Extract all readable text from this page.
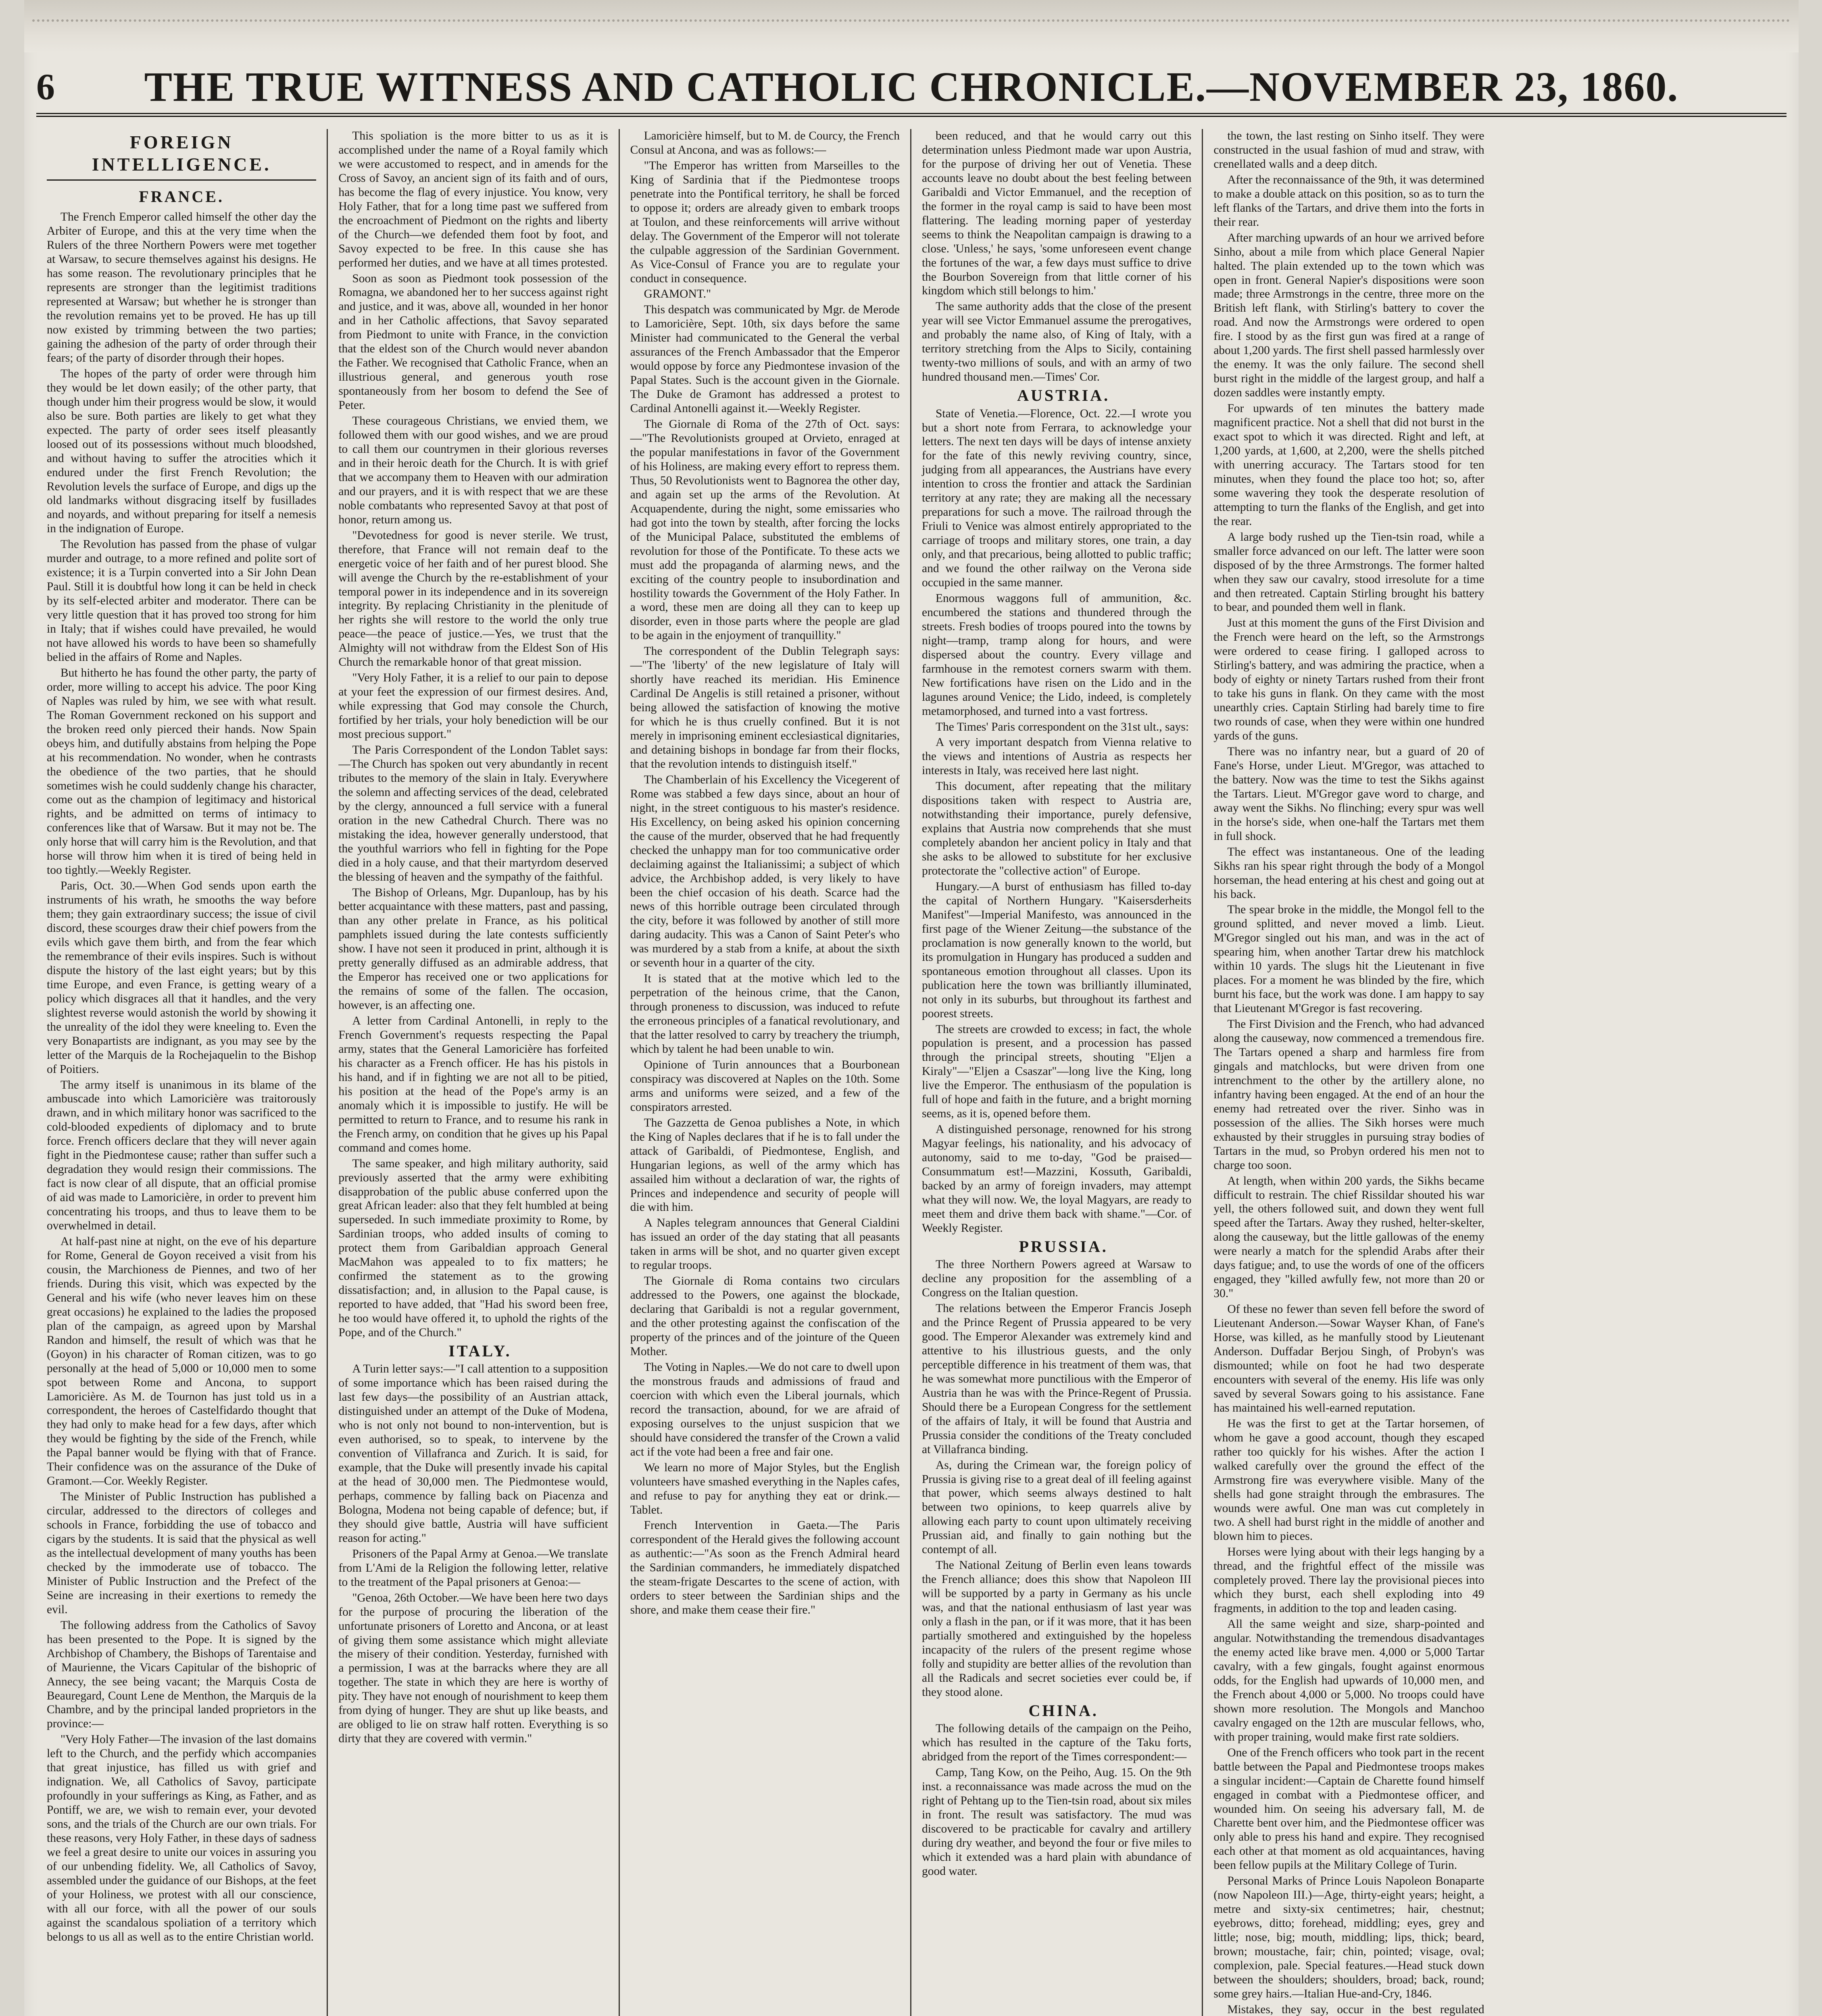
6	THE TRUE WITNESS AND CATHOLIC CHRONICLE.—NOVEMBER 23, 1860.
FOREIGN INTELLIGENCE.
FRANCE.

The French Emperor called himself the other day the Arbiter of Europe, and this at the very time when the Rulers of the three Northern Powers were met together at Warsaw, to secure themselves against his designs. He has some reason. The revolutionary principles that he represents are stronger than the legitimist traditions represented at Warsaw; but whether he is stronger than the revolution remains yet to be proved. He has up till now existed by trimming between the two parties; gaining the adhesion of the party of order through their fears; of the party of disorder through their hopes.

The hopes of the party of order were through him they would be let down easily; of the other party, that though under him their progress would be slow, it would also be sure. Both parties are likely to get what they expected. The party of order sees itself pleasantly loosed out of its possessions without much bloodshed, and without having to suffer the atrocities which it endured under the first French Revolution; the Revolution levels the surface of Europe, and digs up the old landmarks without disgracing itself by fusillades and noyards, and without preparing for itself a nemesis in the indignation of Europe.

The Revolution has passed from the phase of vulgar murder and outrage, to a more refined and polite sort of existence; it is a Turpin converted into a Sir John Dean Paul. Still it is doubtful how long it can be held in check by its self-elected arbiter and moderator. There can be very little question that it has proved too strong for him in Italy; that if wishes could have prevailed, he would not have allowed his words to have been so shamefully belied in the affairs of Rome and Naples.

But hitherto he has found the other party, the party of order, more willing to accept his advice. The poor King of Naples was ruled by him, we see with what result. The Roman Government reckoned on his support and the broken reed only pierced their hands. Now Spain obeys him, and dutifully abstains from helping the Pope at his recommendation. No wonder, when he contrasts the obedience of the two parties, that he should sometimes wish he could suddenly change his character, come out as the champion of legitimacy and historical rights, and be admitted on terms of intimacy to conferences like that of Warsaw. But it may not be. The only horse that will carry him is the Revolution, and that horse will throw him when it is tired of being held in too tightly.—Weekly Register.

Paris, Oct. 30.—When God sends upon earth the instruments of his wrath, he smooths the way before them; they gain extraordinary success; the issue of civil discord, these scourges draw their chief powers from the evils which gave them birth, and from the fear which the remembrance of their evils inspires. Such is without dispute the history of the last eight years; but by this time Europe, and even France, is getting weary of a policy which disgraces all that it handles, and the very slightest reverse would astonish the world by showing it the unreality of the idol they were kneeling to. Even the very Bonapartists are indignant, as you may see by the letter of the Marquis de la Rochejaquelin to the Bishop of Poitiers.

The army itself is unanimous in its blame of the ambuscade into which Lamoricière was traitorously drawn, and in which military honor was sacrificed to the cold-blooded expedients of diplomacy and to brute force. French officers declare that they will never again fight in the Piedmontese cause; rather than suffer such a degradation they would resign their commissions. The fact is now clear of all dispute, that an official promise of aid was made to Lamoricière, in order to prevent him concentrating his troops, and thus to leave them to be overwhelmed in detail.

At half-past nine at night, on the eve of his departure for Rome, General de Goyon received a visit from his cousin, the Marchioness de Piennes, and two of her friends. During this visit, which was expected by the General and his wife (who never leaves him on these great occasions) he explained to the ladies the proposed plan of the campaign, as agreed upon by Marshal Randon and himself, the result of which was that he (Goyon) in his character of Roman citizen, was to go personally at the head of 5,000 or 10,000 men to some spot between Rome and Ancona, to support Lamoricière. As M. de Tournon has just told us in a correspondent, the heroes of Castelfidardo thought that they had only to make head for a few days, after which they would be fighting by the side of the French, while the Papal banner would be flying with that of France. Their confidence was on the assurance of the Duke of Gramont.—Cor. Weekly Register.

The Minister of Public Instruction has published a circular, addressed to the directors of colleges and schools in France, forbidding the use of tobacco and cigars by the students. It is said that the physical as well as the intellectual development of many youths has been checked by the immoderate use of tobacco. The Minister of Public Instruction and the Prefect of the Seine are increasing in their exertions to remedy the evil.

The following address from the Catholics of Savoy has been presented to the Pope. It is signed by the Archbishop of Chambery, the Bishops of Tarentaise and of Maurienne, the Vicars Capitular of the bishopric of Annecy, the see being vacant; the Marquis Costa de Beauregard, Count Lene de Menthon, the Marquis de la Chambre, and by the principal landed proprietors in the province:—

"Very Holy Father—The invasion of the last domains left to the Church, and the perfidy which accompanies that great injustice, has filled us with grief and indignation. We, all Catholics of Savoy, participate profoundly in your sufferings as King, as Father, and as Pontiff, we are, we wish to remain ever, your devoted sons, and the trials of the Church are our own trials. For these reasons, very Holy Father, in these days of sadness we feel a great desire to unite our voices in assuring you of our unbending fidelity. We, all Catholics of Savoy, assembled under the guidance of our Bishops, at the feet of your Holiness, we protest with all our conscience, with all our force, with all the power of our souls against the scandalous spoliation of a territory which belongs to us all as well as to the entire Christian world.

This spoliation is the more bitter to us as it is accomplished under the name of a Royal family which we were accustomed to respect, and in amends for the Cross of Savoy, an ancient sign of its faith and of ours, has become the flag of every injustice. You know, very Holy Father, that for a long time past we suffered from the encroachment of Piedmont on the rights and liberty of the Church—we defended them foot by foot, and Savoy expected to be free. In this cause she has performed her duties, and we have at all times protested.

Soon as soon as Piedmont took possession of the Romagna, we abandoned her to her success against right and justice, and it was, above all, wounded in her honor and in her Catholic affections, that Savoy separated from Piedmont to unite with France, in the conviction that the eldest son of the Church would never abandon the Father. We recognised that Catholic France, when an illustrious general, and generous youth rose spontaneously from her bosom to defend the See of Peter.

These courageous Christians, we envied them, we followed them with our good wishes, and we are proud to call them our countrymen in their glorious reverses and in their heroic death for the Church. It is with grief that we accompany them to Heaven with our admiration and our prayers, and it is with respect that we are these noble combatants who represented Savoy at that post of honor, return among us.

"Devotedness for good is never sterile. We trust, therefore, that France will not remain deaf to the energetic voice of her faith and of her purest blood. She will avenge the Church by the re-establishment of your temporal power in its independence and in its sovereign integrity. By replacing Christianity in the plenitude of her rights she will restore to the world the only true peace—the peace of justice.—Yes, we trust that the Almighty will not withdraw from the Eldest Son of His Church the remarkable honor of that great mission.

"Very Holy Father, it is a relief to our pain to depose at your feet the expression of our firmest desires. And, while expressing that God may console the Church, fortified by her trials, your holy benediction will be our most precious support."

The Paris Correspondent of the London Tablet says:—The Church has spoken out very abundantly in recent tributes to the memory of the slain in Italy. Everywhere the solemn and affecting services of the dead, celebrated by the clergy, announced a full service with a funeral oration in the new Cathedral Church. There was no mistaking the idea, however generally understood, that the youthful warriors who fell in fighting for the Pope died in a holy cause, and that their martyrdom deserved the blessing of heaven and the sympathy of the faithful.

The Bishop of Orleans, Mgr. Dupanloup, has by his better acquaintance with these matters, past and passing, than any other prelate in France, as his political pamphlets issued during the late contests sufficiently show. I have not seen it produced in print, although it is pretty generally diffused as an admirable address, that the Emperor has received one or two applications for the remains of some of the fallen. The occasion, however, is an affecting one.

A letter from Cardinal Antonelli, in reply to the French Government's requests respecting the Papal army, states that the General Lamoricière has forfeited his character as a French officer. He has his pistols in his hand, and if in fighting we are not all to be pitied, his position at the head of the Pope's army is an anomaly which it is impossible to justify. He will be permitted to return to France, and to resume his rank in the French army, on condition that he gives up his Papal command and comes home.

The same speaker, and high military authority, said previously asserted that the army were exhibiting disapprobation of the public abuse conferred upon the great African leader: also that they felt humbled at being superseded. In such immediate proximity to Rome, by Sardinian troops, who added insults of coming to protect them from Garibaldian approach General MacMahon was appealed to to fix matters; he confirmed the statement as to the growing dissatisfaction; and, in allusion to the Papal cause, is reported to have added, that "Had his sword been free, he too would have offered it, to uphold the rights of the Pope, and of the Church."

ITALY.

A Turin letter says:—"I call attention to a supposition of some importance which has been raised during the last few days—the possibility of an Austrian attack, distinguished under an attempt of the Duke of Modena, who is not only not bound to non-intervention, but is even authorised, so to speak, to intervene by the convention of Villafranca and Zurich. It is said, for example, that the Duke will presently invade his capital at the head of 30,000 men. The Piedmontese would, perhaps, commence by falling back on Piacenza and Bologna, Modena not being capable of defence; but, if they should give battle, Austria will have sufficient reason for acting."

Prisoners of the Papal Army at Genoa.—We translate from L'Ami de la Religion the following letter, relative to the treatment of the Papal prisoners at Genoa:—

"Genoa, 26th October.—We have been here two days for the purpose of procuring the liberation of the unfortunate prisoners of Loretto and Ancona, or at least of giving them some assistance which might alleviate the misery of their condition. Yesterday, furnished with a permission, I was at the barracks where they are all together. The state in which they are here is worthy of pity. They have not enough of nourishment to keep them from dying of hunger. They are shut up like beasts, and are obliged to lie on straw half rotten. Everything is so dirty that they are covered with vermin."

Lamoricière himself, but to M. de Courcy, the French Consul at Ancona, and was as follows:—

"The Emperor has written from Marseilles to the King of Sardinia that if the Piedmontese troops penetrate into the Pontifical territory, he shall be forced to oppose it; orders are already given to embark troops at Toulon, and these reinforcements will arrive without delay. The Government of the Emperor will not tolerate the culpable aggression of the Sardinian Government. As Vice-Consul of France you are to regulate your conduct in consequence.

GRAMONT."

This despatch was communicated by Mgr. de Merode to Lamoricière, Sept. 10th, six days before the same Minister had communicated to the General the verbal assurances of the French Ambassador that the Emperor would oppose by force any Piedmontese invasion of the Papal States. Such is the account given in the Giornale. The Duke de Gramont has addressed a protest to Cardinal Antonelli against it.—Weekly Register.

The Giornale di Roma of the 27th of Oct. says:—"The Revolutionists grouped at Orvieto, enraged at the popular manifestations in favor of the Government of his Holiness, are making every effort to repress them. Thus, 50 Revolutionists went to Bagnorea the other day, and again set up the arms of the Revolution. At Acquapendente, during the night, some emissaries who had got into the town by stealth, after forcing the locks of the Municipal Palace, substituted the emblems of revolution for those of the Pontificate. To these acts we must add the propaganda of alarming news, and the exciting of the country people to insubordination and hostility towards the Government of the Holy Father. In a word, these men are doing all they can to keep up disorder, even in those parts where the people are glad to be again in the enjoyment of tranquillity."

The correspondent of the Dublin Telegraph says:—"The 'liberty' of the new legislature of Italy will shortly have reached its meridian. His Eminence Cardinal De Angelis is still retained a prisoner, without being allowed the satisfaction of knowing the motive for which he is thus cruelly confined. But it is not merely in imprisoning eminent ecclesiastical dignitaries, and detaining bishops in bondage far from their flocks, that the revolution intends to distinguish itself."

The Chamberlain of his Excellency the Vicegerent of Rome was stabbed a few days since, about an hour of night, in the street contiguous to his master's residence. His Excellency, on being asked his opinion concerning the cause of the murder, observed that he had frequently checked the unhappy man for too communicative order declaiming against the Italianissimi; a subject of which advice, the Archbishop added, is very likely to have been the chief occasion of his death. Scarce had the news of this horrible outrage been circulated through the city, before it was followed by another of still more daring audacity. This was a Canon of Saint Peter's who was murdered by a stab from a knife, at about the sixth or seventh hour in a quarter of the city.

It is stated that at the motive which led to the perpetration of the heinous crime, that the Canon, through proneness to discussion, was induced to refute the erroneous principles of a fanatical revolutionary, and that the latter resolved to carry by treachery the triumph, which by talent he had been unable to win.

Opinione of Turin announces that a Bourbonean conspiracy was discovered at Naples on the 10th. Some arms and uniforms were seized, and a few of the conspirators arrested.

The Gazzetta de Genoa publishes a Note, in which the King of Naples declares that if he is to fall under the attack of Garibaldi, of Piedmontese, English, and Hungarian legions, as well of the army which has assailed him without a declaration of war, the rights of Princes and independence and security of people will die with him.

A Naples telegram announces that General Cialdini has issued an order of the day stating that all peasants taken in arms will be shot, and no quarter given except to regular troops.

The Giornale di Roma contains two circulars addressed to the Powers, one against the blockade, declaring that Garibaldi is not a regular government, and the other protesting against the confiscation of the property of the princes and of the jointure of the Queen Mother.

The Voting in Naples.—We do not care to dwell upon the monstrous frauds and admissions of fraud and coercion with which even the Liberal journals, which record the transaction, abound, for we are afraid of exposing ourselves to the unjust suspicion that we should have considered the transfer of the Crown a valid act if the vote had been a free and fair one.

We learn no more of Major Styles, but the English volunteers have smashed everything in the Naples cafes, and refuse to pay for anything they eat or drink.—Tablet.

French Intervention in Gaeta.—The Paris correspondent of the Herald gives the following account as authentic:—"As soon as the French Admiral heard the Sardinian commanders, he immediately dispatched the steam-frigate Descartes to the scene of action, with orders to steer between the Sardinian ships and the shore, and make them cease their fire."

been reduced, and that he would carry out this determination unless Piedmont made war upon Austria, for the purpose of driving her out of Venetia. These accounts leave no doubt about the best feeling between Garibaldi and Victor Emmanuel, and the reception of the former in the royal camp is said to have been most flattering. The leading morning paper of yesterday seems to think the Neapolitan campaign is drawing to a close. 'Unless,' he says, 'some unforeseen event change the fortunes of the war, a few days must suffice to drive the Bourbon Sovereign from that little corner of his kingdom which still belongs to him.'

The same authority adds that the close of the present year will see Victor Emmanuel assume the prerogatives, and probably the name also, of King of Italy, with a territory stretching from the Alps to Sicily, containing twenty-two millions of souls, and with an army of two hundred thousand men.—Times' Cor.

AUSTRIA.

State of Venetia.—Florence, Oct. 22.—I wrote you but a short note from Ferrara, to acknowledge your letters. The next ten days will be days of intense anxiety for the fate of this newly reviving country, since, judging from all appearances, the Austrians have every intention to cross the frontier and attack the Sardinian territory at any rate; they are making all the necessary preparations for such a move. The railroad through the Friuli to Venice was almost entirely appropriated to the carriage of troops and military stores, one train, a day only, and that precarious, being allotted to public traffic; and we found the other railway on the Verona side occupied in the same manner.

Enormous waggons full of ammunition, &c. encumbered the stations and thundered through the streets. Fresh bodies of troops poured into the towns by night—tramp, tramp along for hours, and were dispersed about the country. Every village and farmhouse in the remotest corners swarm with them. New fortifications have risen on the Lido and in the lagunes around Venice; the Lido, indeed, is completely metamorphosed, and turned into a vast fortress.

The Times' Paris correspondent on the 31st ult., says:

A very important despatch from Vienna relative to the views and intentions of Austria as respects her interests in Italy, was received here last night.

This document, after repeating that the military dispositions taken with respect to Austria are, notwithstanding their importance, purely defensive, explains that Austria now comprehends that she must completely abandon her ancient policy in Italy and that she asks to be allowed to substitute for her exclusive protectorate the "collective action" of Europe.

Hungary.—A burst of enthusiasm has filled to-day the capital of Northern Hungary. "Kaisersderheits Manifest"—Imperial Manifesto, was announced in the first page of the Wiener Zeitung—the substance of the proclamation is now generally known to the world, but its promulgation in Hungary has produced a sudden and spontaneous emotion throughout all classes. Upon its publication here the town was brilliantly illuminated, not only in its suburbs, but throughout its farthest and poorest streets.

The streets are crowded to excess; in fact, the whole population is present, and a procession has passed through the principal streets, shouting "Eljen a Kiraly"—"Eljen a Csaszar"—long live the King, long live the Emperor. The enthusiasm of the population is full of hope and faith in the future, and a bright morning seems, as it is, opened before them.

A distinguished personage, renowned for his strong Magyar feelings, his nationality, and his advocacy of autonomy, said to me to-day, "God be praised—Consummatum est!—Mazzini, Kossuth, Garibaldi, backed by an army of foreign invaders, may attempt what they will now. We, the loyal Magyars, are ready to meet them and drive them back with shame."—Cor. of Weekly Register.

PRUSSIA.

The three Northern Powers agreed at Warsaw to decline any proposition for the assembling of a Congress on the Italian question.

The relations between the Emperor Francis Joseph and the Prince Regent of Prussia appeared to be very good. The Emperor Alexander was extremely kind and attentive to his illustrious guests, and the only perceptible difference in his treatment of them was, that he was somewhat more punctilious with the Emperor of Austria than he was with the Prince-Regent of Prussia. Should there be a European Congress for the settlement of the affairs of Italy, it will be found that Austria and Prussia consider the conditions of the Treaty concluded at Villafranca binding.

As, during the Crimean war, the foreign policy of Prussia is giving rise to a great deal of ill feeling against that power, which seems always destined to halt between two opinions, to keep quarrels alive by allowing each party to count upon ultimately receiving Prussian aid, and finally to gain nothing but the contempt of all.

The National Zeitung of Berlin even leans towards the French alliance; does this show that Napoleon III will be supported by a party in Germany as his uncle was, and that the national enthusiasm of last year was only a flash in the pan, or if it was more, that it has been partially smothered and extinguished by the hopeless incapacity of the rulers of the present regime whose folly and stupidity are better allies of the revolution than all the Radicals and secret societies ever could be, if they stood alone.

CHINA.

The following details of the campaign on the Peiho, which has resulted in the capture of the Taku forts, abridged from the report of the Times correspondent:—

Camp, Tang Kow, on the Peiho, Aug. 15. On the 9th inst. a reconnaissance was made across the mud on the right of Pehtang up to the Tien-tsin road, about six miles in front. The result was satisfactory. The mud was discovered to be practicable for cavalry and artillery during dry weather, and beyond the four or five miles to which it extended was a hard plain with abundance of good water.

the town, the last resting on Sinho itself. They were constructed in the usual fashion of mud and straw, with crenellated walls and a deep ditch.

After the reconnaissance of the 9th, it was determined to make a double attack on this position, so as to turn the left flanks of the Tartars, and drive them into the forts in their rear.

After marching upwards of an hour we arrived before Sinho, about a mile from which place General Napier halted. The plain extended up to the town which was open in front. General Napier's dispositions were soon made; three Armstrongs in the centre, three more on the British left flank, with Stirling's battery to cover the road. And now the Armstrongs were ordered to open fire. I stood by as the first gun was fired at a range of about 1,200 yards. The first shell passed harmlessly over the enemy. It was the only failure. The second shell burst right in the middle of the largest group, and half a dozen saddles were instantly empty.

For upwards of ten minutes the battery made magnificent practice. Not a shell that did not burst in the exact spot to which it was directed. Right and left, at 1,200 yards, at 1,600, at 2,200, were the shells pitched with unerring accuracy. The Tartars stood for ten minutes, when they found the place too hot; so, after some wavering they took the desperate resolution of attempting to turn the flanks of the English, and get into the rear.

A large body rushed up the Tien-tsin road, while a smaller force advanced on our left. The latter were soon disposed of by the three Armstrongs. The former halted when they saw our cavalry, stood irresolute for a time and then retreated. Captain Stirling brought his battery to bear, and pounded them well in flank.

Just at this moment the guns of the First Division and the French were heard on the left, so the Armstrongs were ordered to cease firing. I galloped across to Stirling's battery, and was admiring the practice, when a body of eighty or ninety Tartars rushed from their front to take his guns in flank. On they came with the most unearthly cries. Captain Stirling had barely time to fire two rounds of case, when they were within one hundred yards of the guns.

There was no infantry near, but a guard of 20 of Fane's Horse, under Lieut. M'Gregor, was attached to the battery. Now was the time to test the Sikhs against the Tartars. Lieut. M'Gregor gave word to charge, and away went the Sikhs. No flinching; every spur was well in the horse's side, when one-half the Tartars met them in full shock.

The effect was instantaneous. One of the leading Sikhs ran his spear right through the body of a Mongol horseman, the head entering at his chest and going out at his back.

The spear broke in the middle, the Mongol fell to the ground splitted, and never moved a limb. Lieut. M'Gregor singled out his man, and was in the act of spearing him, when another Tartar drew his matchlock within 10 yards. The slugs hit the Lieutenant in five places. For a moment he was blinded by the fire, which burnt his face, but the work was done. I am happy to say that Lieutenant M'Gregor is fast recovering.

The First Division and the French, who had advanced along the causeway, now commenced a tremendous fire. The Tartars opened a sharp and harmless fire from gingals and matchlocks, but were driven from one intrenchment to the other by the artillery alone, no infantry having been engaged. At the end of an hour the enemy had retreated over the river. Sinho was in possession of the allies. The Sikh horses were much exhausted by their struggles in pursuing stray bodies of Tartars in the mud, so Probyn ordered his men not to charge too soon.

At length, when within 200 yards, the Sikhs became difficult to restrain. The chief Rissildar shouted his war yell, the others followed suit, and down they went full speed after the Tartars. Away they rushed, helter-skelter, along the causeway, but the little gallowas of the enemy were nearly a match for the splendid Arabs after their days fatigue; and, to use the words of one of the officers engaged, they "killed awfully few, not more than 20 or 30."

Of these no fewer than seven fell before the sword of Lieutenant Anderson.—Sowar Wayser Khan, of Fane's Horse, was killed, as he manfully stood by Lieutenant Anderson. Duffadar Berjou Singh, of Probyn's was dismounted; while on foot he had two desperate encounters with several of the enemy. His life was only saved by several Sowars going to his assistance. Fane has maintained his well-earned reputation.

He was the first to get at the Tartar horsemen, of whom he gave a good account, though they escaped rather too quickly for his wishes. After the action I walked carefully over the ground the effect of the Armstrong fire was everywhere visible. Many of the shells had gone straight through the embrasures. The wounds were awful. One man was cut completely in two. A shell had burst right in the middle of another and blown him to pieces.

Horses were lying about with their legs hanging by a thread, and the frightful effect of the missile was completely proved. There lay the provisional pieces into which they burst, each shell exploding into 49 fragments, in addition to the top and leaden casing.

All the same weight and size, sharp-pointed and angular. Notwithstanding the tremendous disadvantages the enemy acted like brave men. 4,000 or 5,000 Tartar cavalry, with a few gingals, fought against enormous odds, for the English had upwards of 10,000 men, and the French about 4,000 or 5,000. No troops could have shown more resolution. The Mongols and Manchoo cavalry engaged on the 12th are muscular fellows, who, with proper training, would make first rate soldiers.

One of the French officers who took part in the recent battle between the Papal and Piedmontese troops makes a singular incident:—Captain de Charette found himself engaged in combat with a Piedmontese officer, and wounded him. On seeing his adversary fall, M. de Charette bent over him, and the Piedmontese officer was only able to press his hand and expire. They recognised each other at that moment as old acquaintances, having been fellow pupils at the Military College of Turin.

Personal Marks of Prince Louis Napoleon Bonaparte (now Napoleon III.)—Age, thirty-eight years; height, a metre and sixty-six centimetres; hair, chestnut; eyebrows, ditto; forehead, middling; eyes, grey and little; nose, big; mouth, middling; lips, thick; beard, brown; moustache, fair; chin, pointed; visage, oval; complexion, pale. Special features.—Head stuck down between the shoulders; shoulders, broad; back, round; some grey hairs.—Italian Hue-and-Cry, 1846.

Mistakes, they say, occur in the best regulated
